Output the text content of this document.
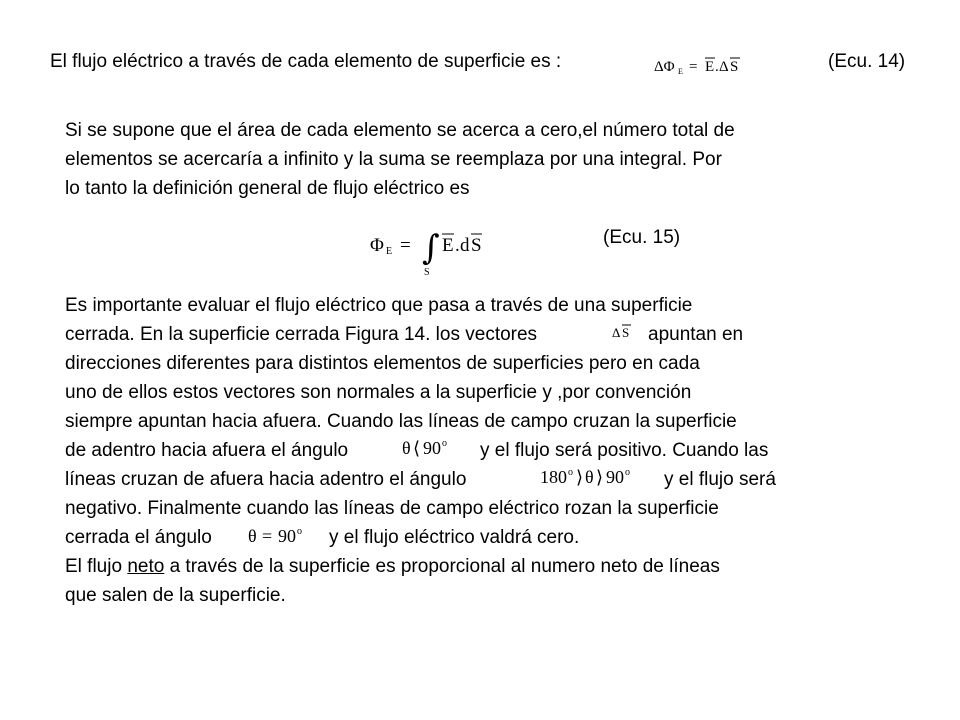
El flujo eléctrico a través de cada elemento de superficie es :	ΔΦ E = E . Δ S	(Ecu. 14)
Si se supone que el área de cada elemento se acerca a cero,el número total de
elementos se acercaría a infinito y la suma se reemplaza por una integral. Por
lo tanto la definición general de flujo eléctrico es
Φ E = ∫
S
E . d S	(Ecu. 15)
Es importante evaluar el flujo eléctrico que pasa a través de una superficie
cerrada. En la superficie cerrada Figura 14. los vectores	Δ S apuntan en
direcciones diferentes para distintos elementos de superficies pero en cada
uno de ellos estos vectores son normales a la superficie y ,por convención
siempre apuntan hacia afuera. Cuando las líneas de campo cruzan la superficie
de adentro hacia afuera el ángulo	θ ⟨ 90 o y el flujo será positivo. Cuando las
líneas cruzan de afuera hacia adentro el ángulo	180 o ⟩ θ ⟩ 90 o y el flujo será
negativo. Finalmente cuando las líneas de campo eléctrico rozan la superficie
cerrada el ángulo θ = 90 o y el flujo eléctrico valdrá cero.
El flujo neto a través de la superficie es proporcional al numero neto de líneas
que salen de la superficie.
